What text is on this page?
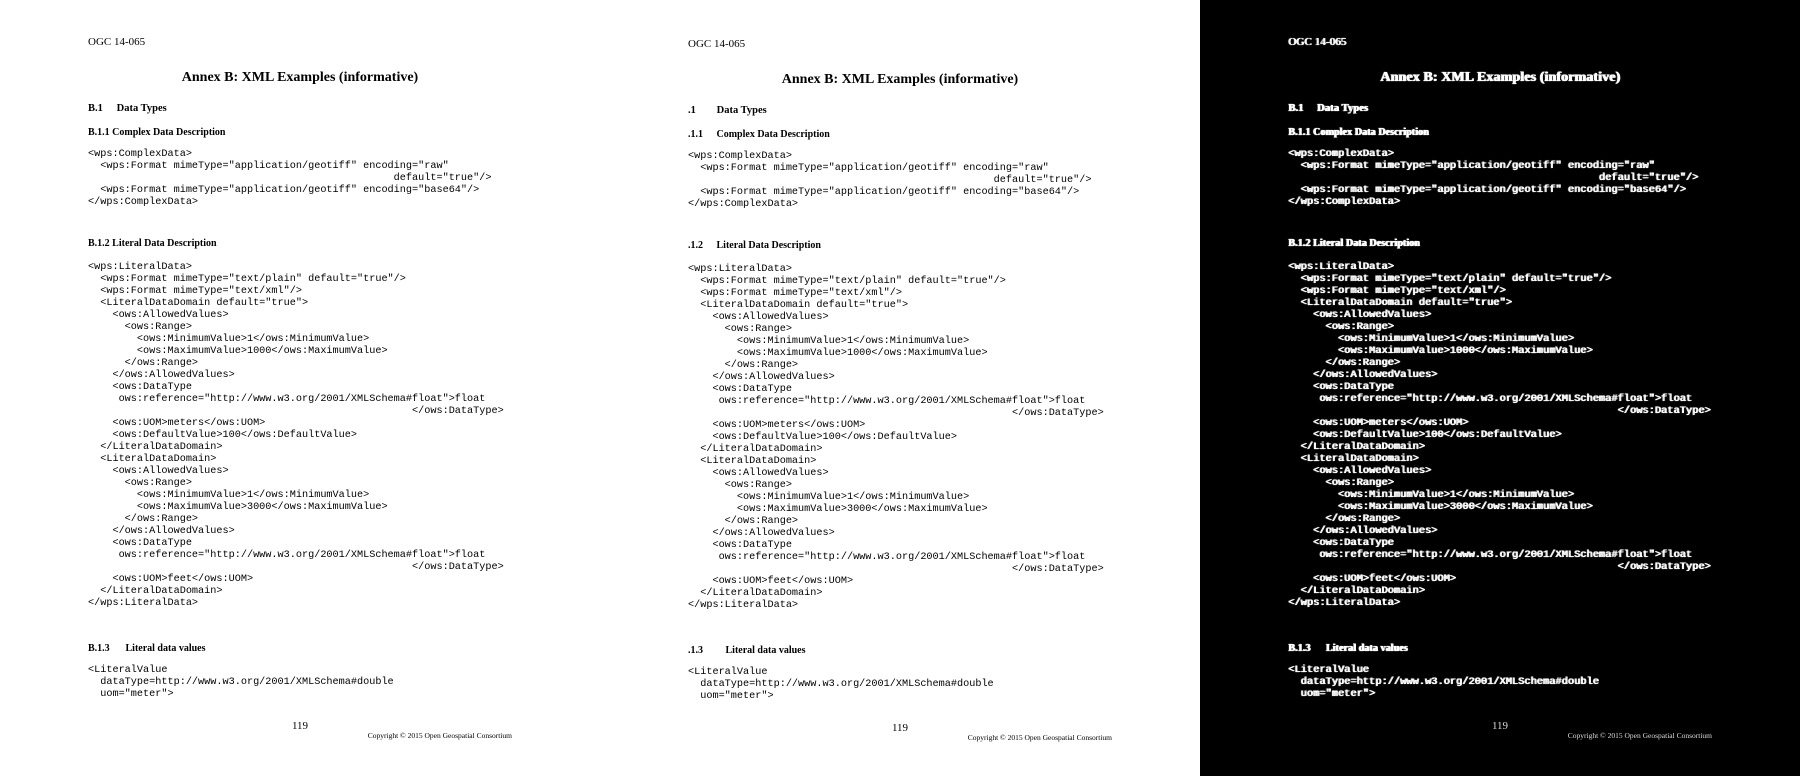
OGC 14-065
Annex B: XML Examples (informative)
B.1 Data Types
B.1.1 Complex Data Description
<wps:ComplexData>
<wps:Format mimeType="application/geotiff" encoding="raw"
default="true"/>
<wps:Format mimeType="application/geotiff" encoding="base64"/>
</wps:ComplexData>
B.1.2 Literal Data Description
<wps:LiteralData>
<wps:Format mimeType="text/plain" default="true"/>
<wps:Format mimeType="text/xml"/>
<LiteralDataDomain default="true">
<ows:AllowedValues>
<ows:Range>
<ows:MinimumValue>1</ows:MinimumValue>
<ows:MaximumValue>1000</ows:MaximumValue>
</ows:Range>
</ows:AllowedValues>
<ows:DataType
ows:reference="http://www.w3.org/2001/XMLSchema#float">float
</ows:DataType>
<ows:UOM>meters</ows:UOM>
<ows:DefaultValue>100</ows:DefaultValue>
</LiteralDataDomain>
<LiteralDataDomain>
<ows:AllowedValues>
<ows:Range>
<ows:MinimumValue>1</ows:MinimumValue>
<ows:MaximumValue>3000</ows:MaximumValue>
</ows:Range>
</ows:AllowedValues>
<ows:DataType
ows:reference="http://www.w3.org/2001/XMLSchema#float">float
</ows:DataType>
<ows:UOM>feet</ows:UOM>
</LiteralDataDomain>
</wps:LiteralData>
B.1.3 Literal data values
<LiteralValue
dataType=http://www.w3.org/2001/XMLSchema#double
uom="meter">
119
Copyright © 2015 Open Geospatial Consortium
OGC 14-065
Annex B: XML Examples (informative)
.1 Data Types
.1.1 Complex Data Description
<wps:ComplexData>
<wps:Format mimeType="application/geotiff" encoding="raw"
default="true"/>
<wps:Format mimeType="application/geotiff" encoding="base64"/>
</wps:ComplexData>
.1.2 Literal Data Description
<wps:LiteralData>
<wps:Format mimeType="text/plain" default="true"/>
<wps:Format mimeType="text/xml"/>
<LiteralDataDomain default="true">
<ows:AllowedValues>
<ows:Range>
<ows:MinimumValue>1</ows:MinimumValue>
<ows:MaximumValue>1000</ows:MaximumValue>
</ows:Range>
</ows:AllowedValues>
<ows:DataType
ows:reference="http://www.w3.org/2001/XMLSchema#float">float
</ows:DataType>
<ows:UOM>meters</ows:UOM>
<ows:DefaultValue>100</ows:DefaultValue>
</LiteralDataDomain>
<LiteralDataDomain>
<ows:AllowedValues>
<ows:Range>
<ows:MinimumValue>1</ows:MinimumValue>
<ows:MaximumValue>3000</ows:MaximumValue>
</ows:Range>
</ows:AllowedValues>
<ows:DataType
ows:reference="http://www.w3.org/2001/XMLSchema#float">float
</ows:DataType>
<ows:UOM>feet</ows:UOM>
</LiteralDataDomain>
</wps:LiteralData>
.1.3 Literal data values
<LiteralValue
dataType=http://www.w3.org/2001/XMLSchema#double
uom="meter">
119
Copyright © 2015 Open Geospatial Consortium
OGC 14-065
Annex B: XML Examples (informative)
B.1 Data Types
B.1.1 Complex Data Description
<wps:ComplexData>
<wps:Format mimeType="application/geotiff" encoding="raw"
default="true"/>
<wps:Format mimeType="application/geotiff" encoding="base64"/>
</wps:ComplexData>
B.1.2 Literal Data Description
<wps:LiteralData>
<wps:Format mimeType="text/plain" default="true"/>
<wps:Format mimeType="text/xml"/>
<LiteralDataDomain default="true">
<ows:AllowedValues>
<ows:Range>
<ows:MinimumValue>1</ows:MinimumValue>
<ows:MaximumValue>1000</ows:MaximumValue>
</ows:Range>
</ows:AllowedValues>
<ows:DataType
ows:reference="http://www.w3.org/2001/XMLSchema#float">float
</ows:DataType>
<ows:UOM>meters</ows:UOM>
<ows:DefaultValue>100</ows:DefaultValue>
</LiteralDataDomain>
<LiteralDataDomain>
<ows:AllowedValues>
<ows:Range>
<ows:MinimumValue>1</ows:MinimumValue>
<ows:MaximumValue>3000</ows:MaximumValue>
</ows:Range>
</ows:AllowedValues>
<ows:DataType
ows:reference="http://www.w3.org/2001/XMLSchema#float">float
</ows:DataType>
<ows:UOM>feet</ows:UOM>
</LiteralDataDomain>
</wps:LiteralData>
B.1.3 Literal data values
<LiteralValue
dataType=http://www.w3.org/2001/XMLSchema#double
uom="meter">
119
Copyright © 2015 Open Geospatial Consortium
